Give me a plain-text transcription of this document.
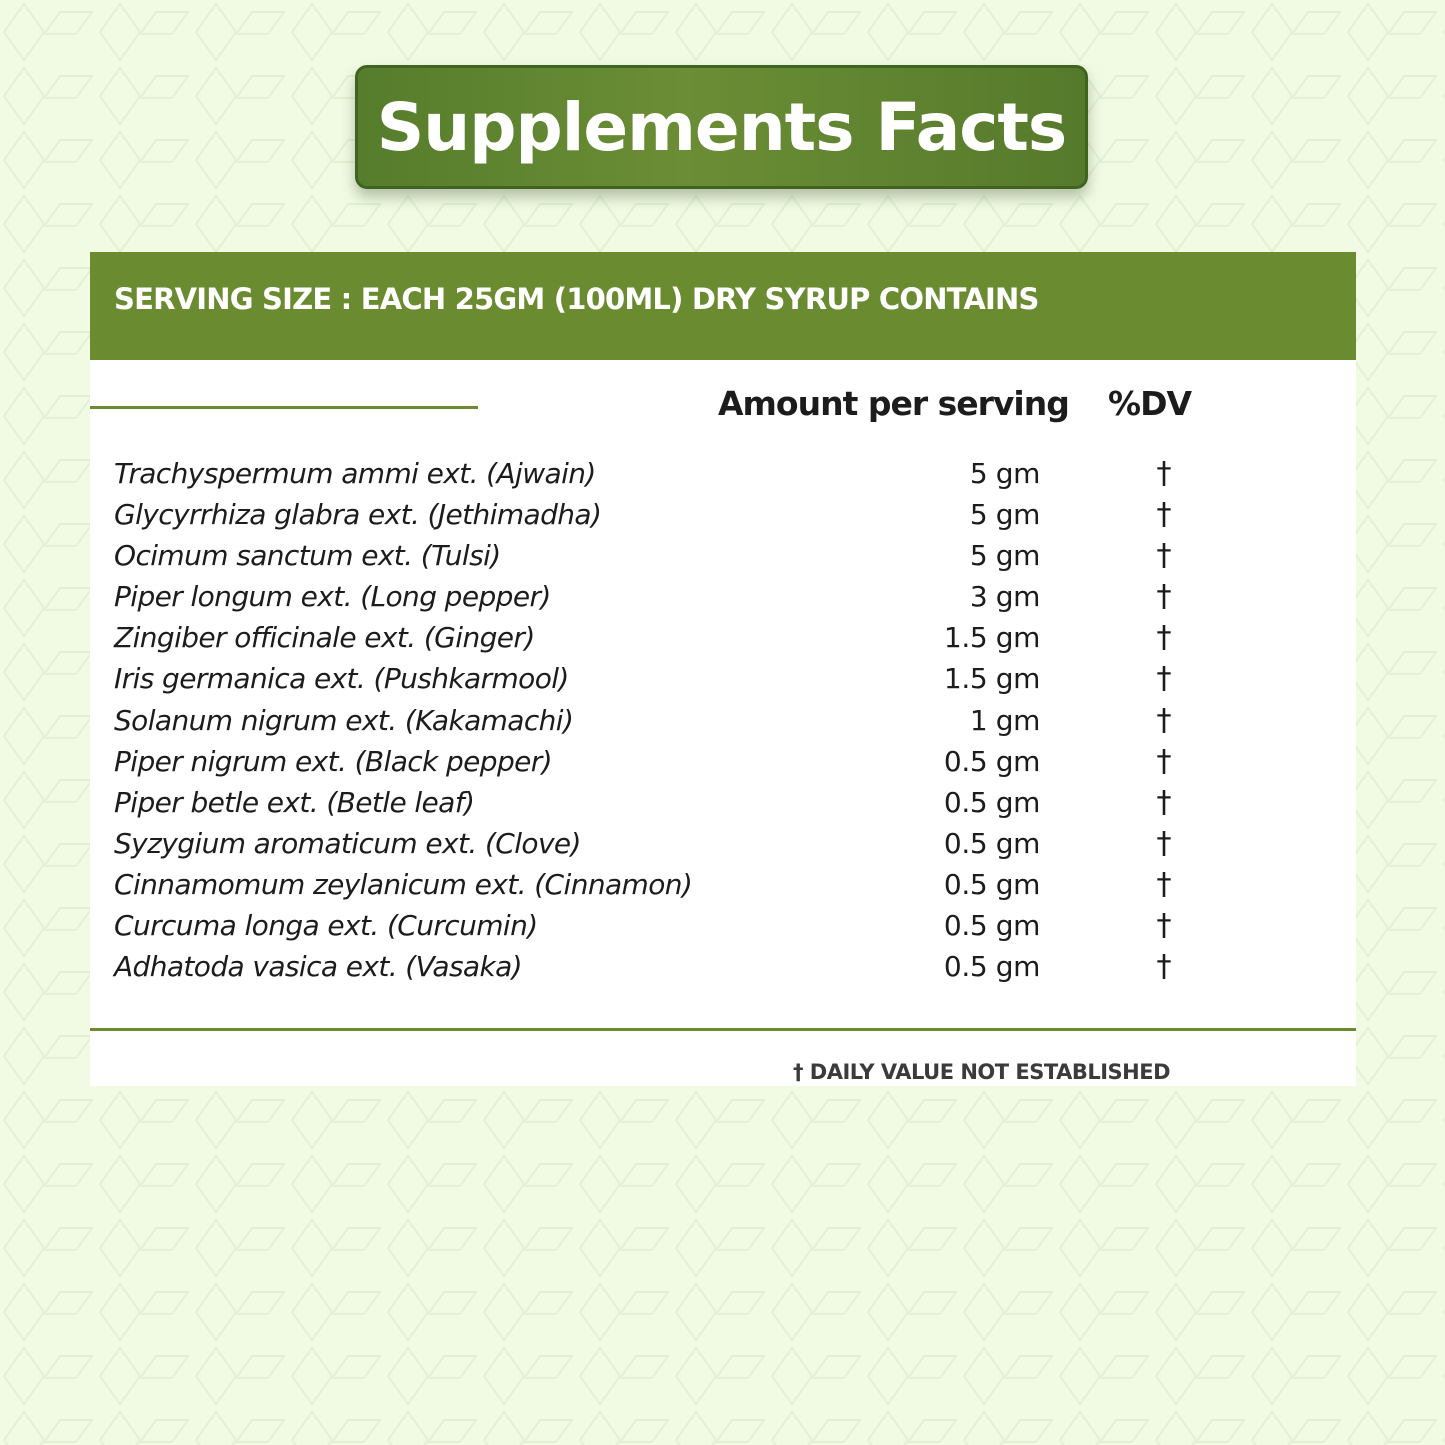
Supplements Facts
SERVING SIZE : EACH 25GM (100ML) DRY SYRUP CONTAINS
Amount per serving %DV
Trachyspermum ammi ext. (Ajwain)	5 gm	†
Glycyrrhiza glabra ext. (Jethimadha)	5 gm	†
Ocimum sanctum ext. (Tulsi)	5 gm	†
Piper longum ext. (Long pepper)	3 gm	†
Zingiber officinale ext. (Ginger)	1.5 gm	†
Iris germanica ext. (Pushkarmool)	1.5 gm	†
Solanum nigrum ext. (Kakamachi)	1 gm	†
Piper nigrum ext. (Black pepper)	0.5 gm	†
Piper betle ext. (Betle leaf)	0.5 gm	†
Syzygium aromaticum ext. (Clove)	0.5 gm	†
Cinnamomum zeylanicum ext. (Cinnamon)	0.5 gm	†
Curcuma longa ext. (Curcumin)	0.5 gm	†
Adhatoda vasica ext. (Vasaka)	0.5 gm	†
† DAILY VALUE NOT ESTABLISHED
